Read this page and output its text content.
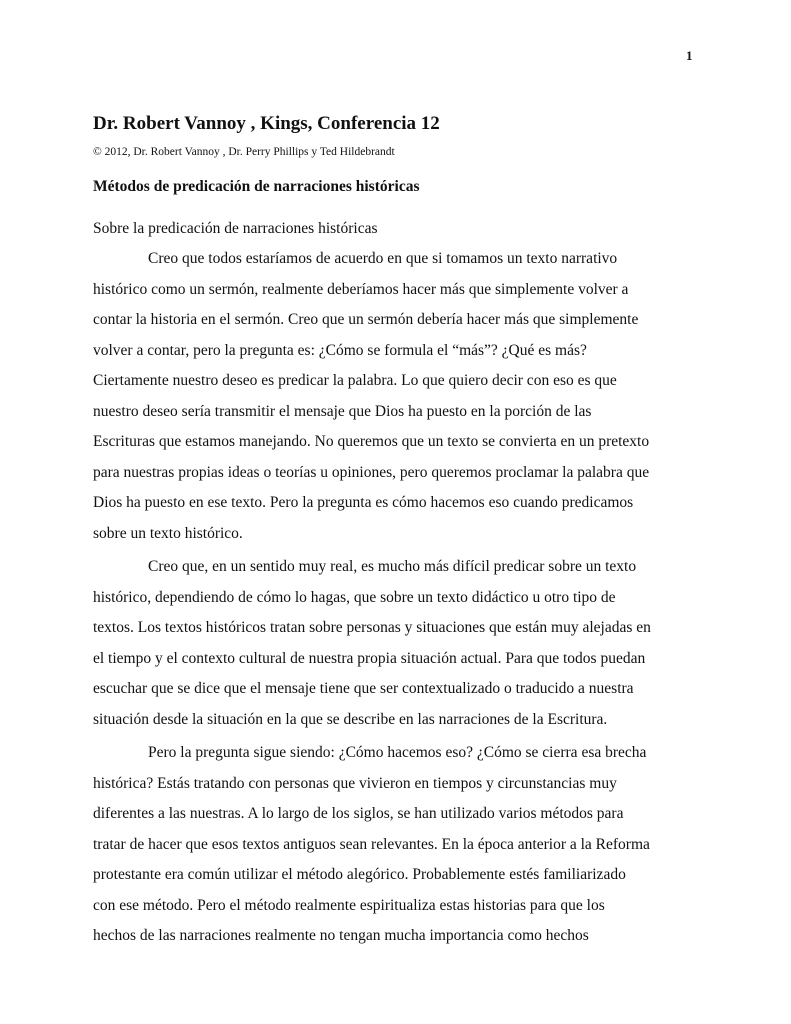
1
Dr. Robert Vannoy , Kings, Conferencia 12
© 2012, Dr. Robert Vannoy , Dr. Perry Phillips y Ted Hildebrandt
Métodos de predicación de narraciones históricas
Sobre la predicación de narraciones históricas
Creo que todos estaríamos de acuerdo en que si tomamos un texto narrativo
histórico como un sermón, realmente deberíamos hacer más que simplemente volver a
contar la historia en el sermón. Creo que un sermón debería hacer más que simplemente
volver a contar, pero la pregunta es: ¿Cómo se formula el “más”? ¿Qué es más?
Ciertamente nuestro deseo es predicar la palabra. Lo que quiero decir con eso es que
nuestro deseo sería transmitir el mensaje que Dios ha puesto en la porción de las
Escrituras que estamos manejando. No queremos que un texto se convierta en un pretexto
para nuestras propias ideas o teorías u opiniones, pero queremos proclamar la palabra que
Dios ha puesto en ese texto. Pero la pregunta es cómo hacemos eso cuando predicamos
sobre un texto histórico.
Creo que, en un sentido muy real, es mucho más difícil predicar sobre un texto
histórico, dependiendo de cómo lo hagas, que sobre un texto didáctico u otro tipo de
textos. Los textos históricos tratan sobre personas y situaciones que están muy alejadas en
el tiempo y el contexto cultural de nuestra propia situación actual. Para que todos puedan
escuchar que se dice que el mensaje tiene que ser contextualizado o traducido a nuestra
situación desde la situación en la que se describe en las narraciones de la Escritura.
Pero la pregunta sigue siendo: ¿Cómo hacemos eso? ¿Cómo se cierra esa brecha
histórica? Estás tratando con personas que vivieron en tiempos y circunstancias muy
diferentes a las nuestras. A lo largo de los siglos, se han utilizado varios métodos para
tratar de hacer que esos textos antiguos sean relevantes. En la época anterior a la Reforma
protestante era común utilizar el método alegórico. Probablemente estés familiarizado
con ese método. Pero el método realmente espiritualiza estas historias para que los
hechos de las narraciones realmente no tengan mucha importancia como hechos
